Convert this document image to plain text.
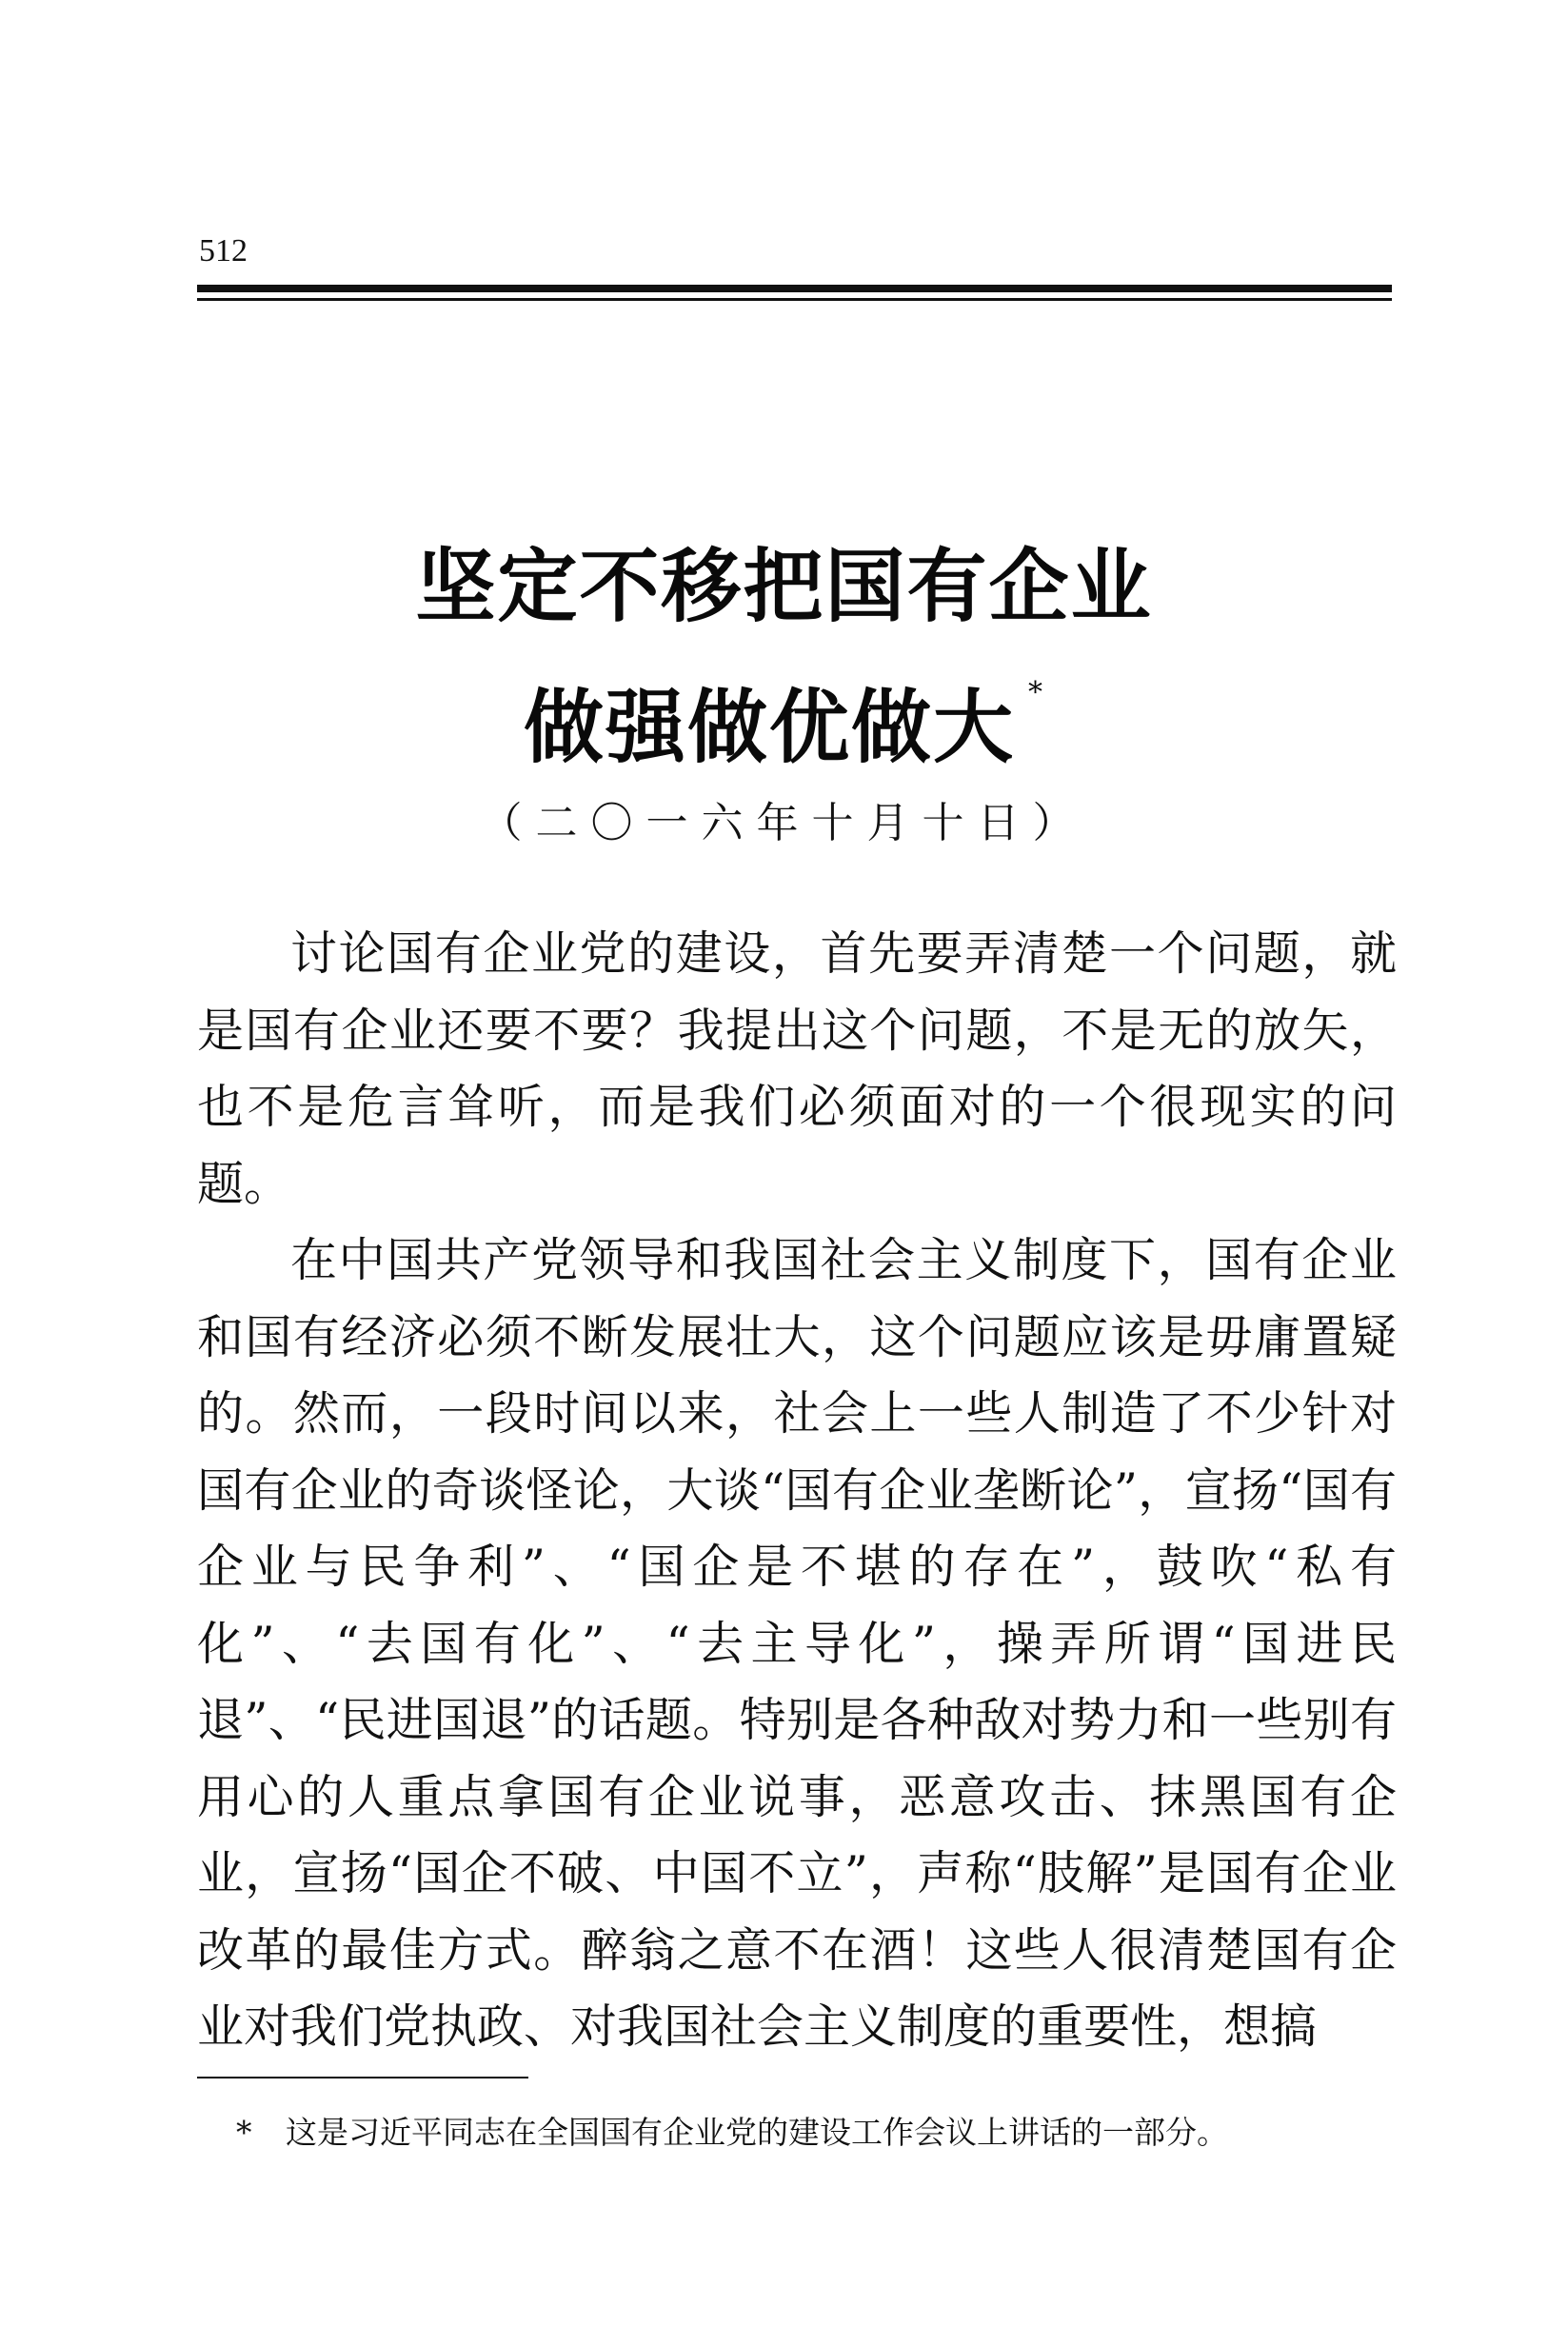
512
坚定不移把国有企业
做强做优做大 *
（二〇一六年十月十日）

讨论国有企业党的建设，首先要弄清楚一个问题，就是国有企业还要不要？我提出这个问题，不是无的放矢，也不是危言耸听，而是我们必须面对的一个很现实的问题。

在中国共产党领导和我国社会主义制度下，国有企业和国有经济必须不断发展壮大，这个问题应该是毋庸置疑的。然而，一段时间以来，社会上一些人制造了不少针对国有企业的奇谈怪论，大谈“国有企业垄断论”，宣扬“国有企业与民争利”、“国企是不堪的存在”，鼓吹“私有化”、“去国有化”、“去主导化”，操弄所谓“国进民退”、“民进国退”的话题。特别是各种敌对势力和一些别有用心的人重点拿国有企业说事，恶意攻击、抹黑国有企业，宣扬“国企不破、中国不立”，声称“肢解”是国有企业改革的最佳方式。醉翁之意不在酒！这些人很清楚国有企业对我们党执政、对我国社会主义制度的重要性，想搞

* 这是习近平同志在全国国有企业党的建设工作会议上讲话的一部分。
